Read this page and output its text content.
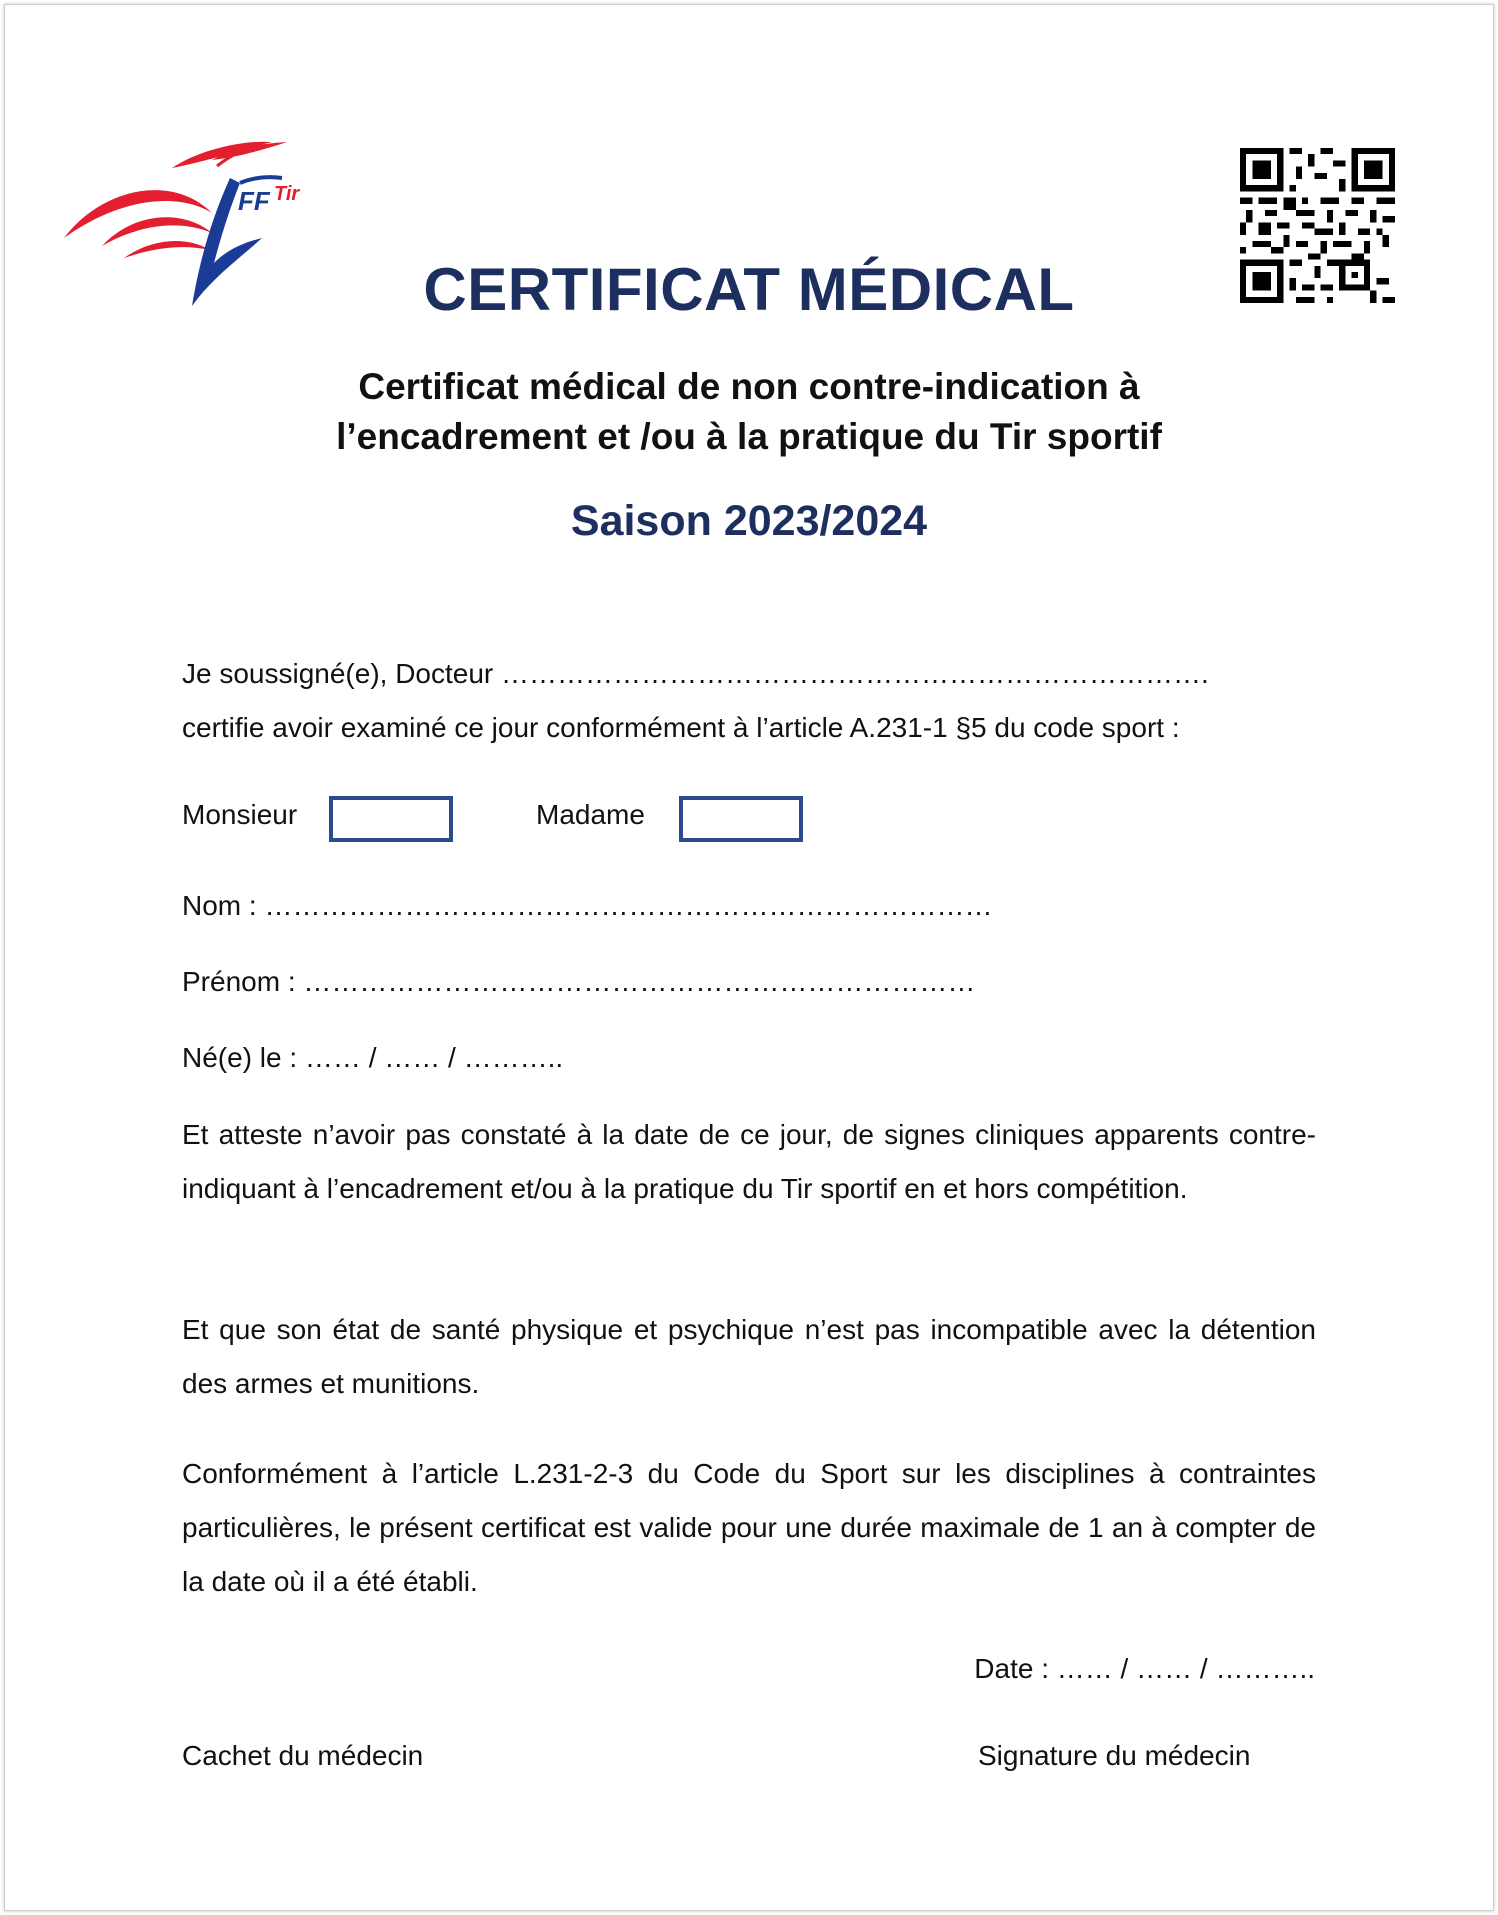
FF Tir
CERTIFICAT MÉDICAL
Certificat médical de non contre-indication à
l’encadrement et /ou à la pratique du Tir sportif
Saison 2023/2024
Je soussigné(e), Docteur ………………………………………………………………….
certifie avoir examiné ce jour conformément à l’article A.231-1 §5 du code sport :
Monsieur	Madame
Nom : ……………………………………………………………………
Prénom : ………………………………………………………………
Né(e) le : …… / …… / ………..
Et atteste n’avoir pas constaté à la date de ce jour, de signes cliniques apparents contre-indiquant à l’encadrement et/ou à la pratique du Tir sportif en et hors compétition.
Et que son état de santé physique et psychique n’est pas incompatible avec la détention des armes et munitions.
Conformément à l’article L.231-2-3 du Code du Sport sur les disciplines à contraintes particulières, le présent certificat est valide pour une durée maximale de 1 an à compter de la date où il a été établi.
Date : …… / …… / ………..
Cachet du médecin	Signature du médecin
